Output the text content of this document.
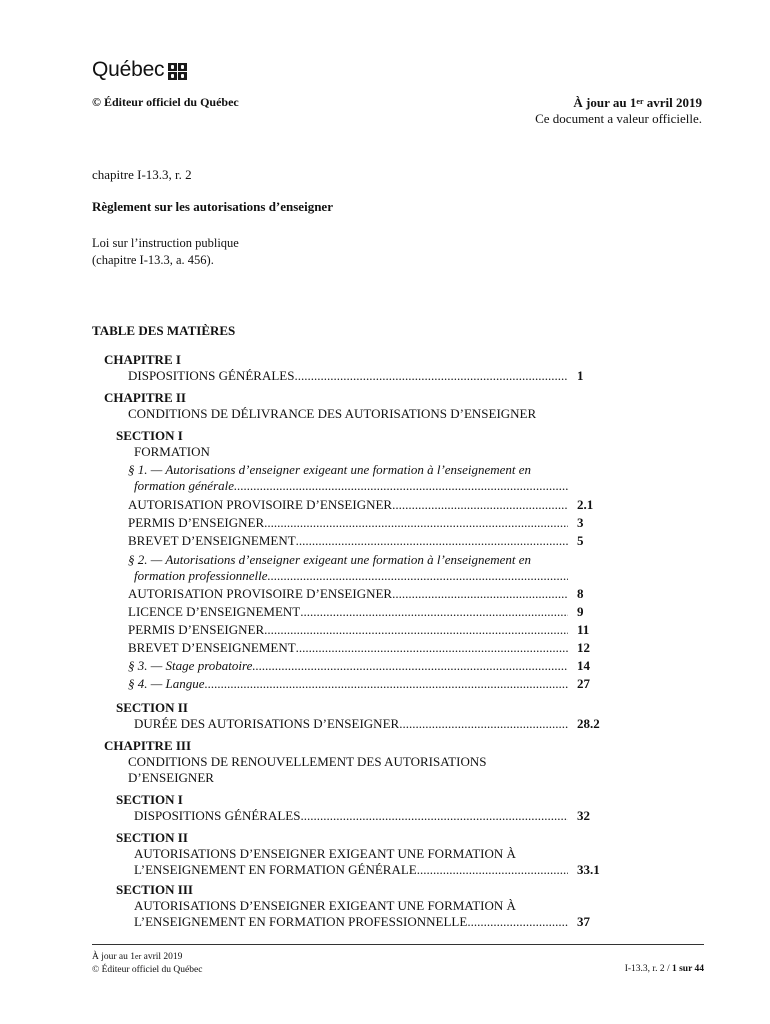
Québec
© Éditeur officiel du Québec	À jour au 1er avril 2019
Ce document a valeur officielle.
chapitre I-13.3, r. 2
Règlement sur les autorisations d’enseigner
Loi sur l’instruction publique
(chapitre I-13.3, a. 456).
TABLE DES MATIÈRES
CHAPITRE I
DISPOSITIONS GÉNÉRALES .....	1
CHAPITRE II
CONDITIONS DE DÉLIVRANCE DES AUTORISATIONS D’ENSEIGNER
SECTION I
FORMATION
§ 1. — Autorisations d’enseigner exigeant une formation à l’enseignement en
formation générale
.....
AUTORISATION PROVISOIRE D’ENSEIGNER .....	2.1
PERMIS D’ENSEIGNER .....	3
BREVET D’ENSEIGNEMENT .....	5
§ 2. — Autorisations d’enseigner exigeant une formation à l’enseignement en
formation professionnelle
.....
AUTORISATION PROVISOIRE D’ENSEIGNER .....	8
LICENCE D’ENSEIGNEMENT .....	9
PERMIS D’ENSEIGNER .....	11
BREVET D’ENSEIGNEMENT .....	12
§ 3. — Stage probatoire .....	14
§ 4. — Langue .....	27
SECTION II
DURÉE DES AUTORISATIONS D’ENSEIGNER .....	28.2
CHAPITRE III
CONDITIONS DE RENOUVELLEMENT DES AUTORISATIONS
D’ENSEIGNER
SECTION I
DISPOSITIONS GÉNÉRALES .....	32
SECTION II
AUTORISATIONS D’ENSEIGNER EXIGEANT UNE FORMATION À
L’ENSEIGNEMENT EN FORMATION GÉNÉRALE .....	33.1
SECTION III
AUTORISATIONS D’ENSEIGNER EXIGEANT UNE FORMATION À
L’ENSEIGNEMENT EN FORMATION PROFESSIONNELLE .....	37
À jour au 1er avril 2019
© Éditeur officiel du Québec	I-13.3, r. 2 / 1 sur 44
